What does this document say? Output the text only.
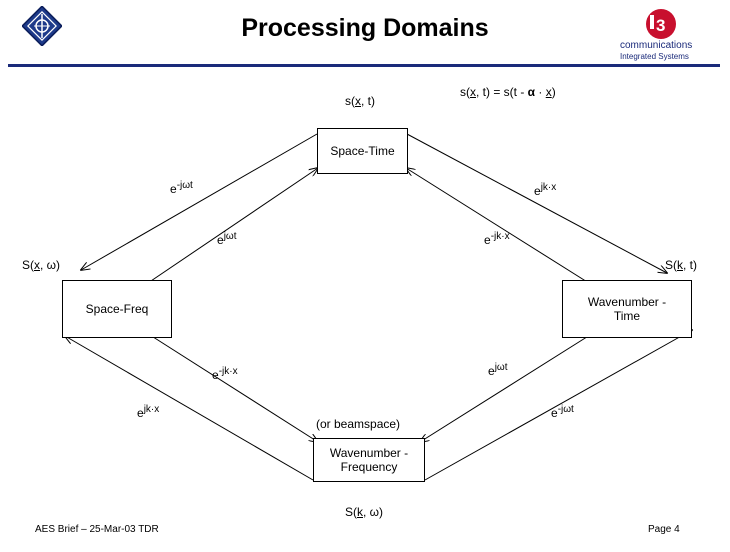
Processing Domains	3
communications
Integrated Systems
s(x, t)
s(x, t) = s(t - α · x)
Space-Time
Space-Freq	Wavenumber -
Time
Wavenumber -
Frequency
S(x, ω)	S(k, t)
(or beamspace)
S(k, ω)
$e^{-j\omega t}$
$e^{j\omega t}$
$e^{jk\cdot x}$
$e^{-jk\cdot x}$
$e^{-jk\cdot x}$
$e^{jk\cdot x}$
$e^{j\omega t}$
$e^{-j\omega t}$
AES Brief – 25-Mar-03 TDR	Page 4
